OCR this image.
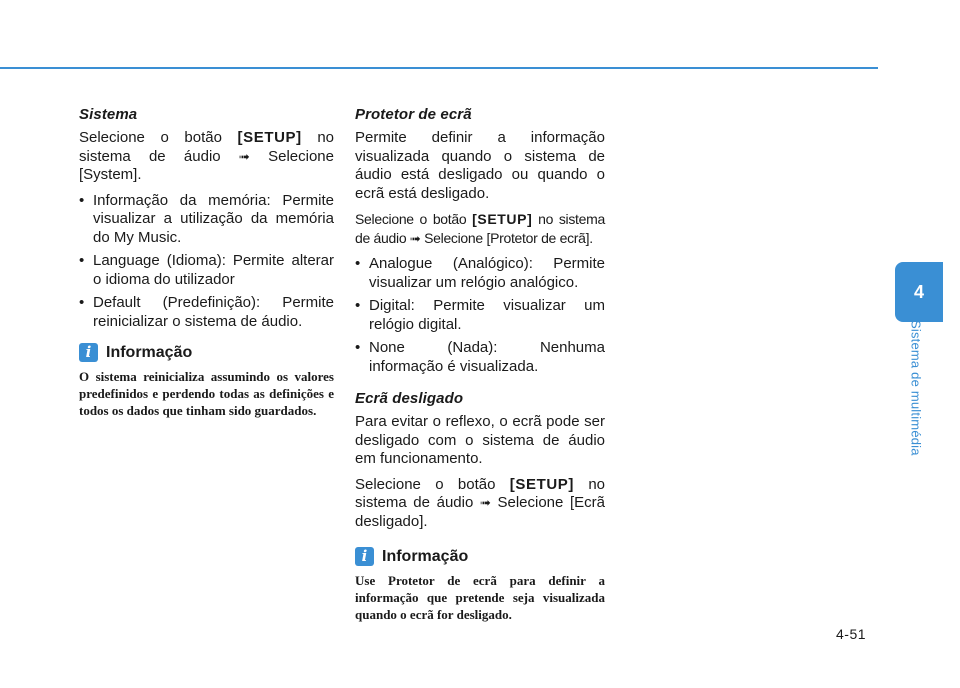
Sistema

Selecione o botão [SETUP] no sistema de áudio ➟ Selecione [System].

• Informação da memória: Permite visualizar a utilização da memória do My Music.
• Language (Idioma): Permite alterar o idioma do utilizador
• Default (Predefinição): Permite reinicializar o sistema de áudio.
i Informação

O sistema reinicializa assumindo os valores predefinidos e perdendo todas as definições e todos os dados que tinham sido guardados.

Protetor de ecrã

Permite definir a informação visualizada quando o sistema de áudio está desligado ou quando o ecrã está desligado.

Selecione o botão [SETUP] no sistema de áudio ➟ Selecione [Protetor de ecrã].

• Analogue (Analógico): Permite visualizar um relógio analógico.
• Digital: Permite visualizar um relógio digital.
• None (Nada): Nenhuma informação é visualizada.
Ecrã desligado

Para evitar o reflexo, o ecrã pode ser desligado com o sistema de áudio em funcionamento.

Selecione o botão [SETUP] no sistema de áudio ➟ Selecione [Ecrã desligado].

i Informação

Use Protetor de ecrã para definir a informação que pretende seja visualizada quando o ecrã for desligado.

4
Sistema de multimédia
4-51
